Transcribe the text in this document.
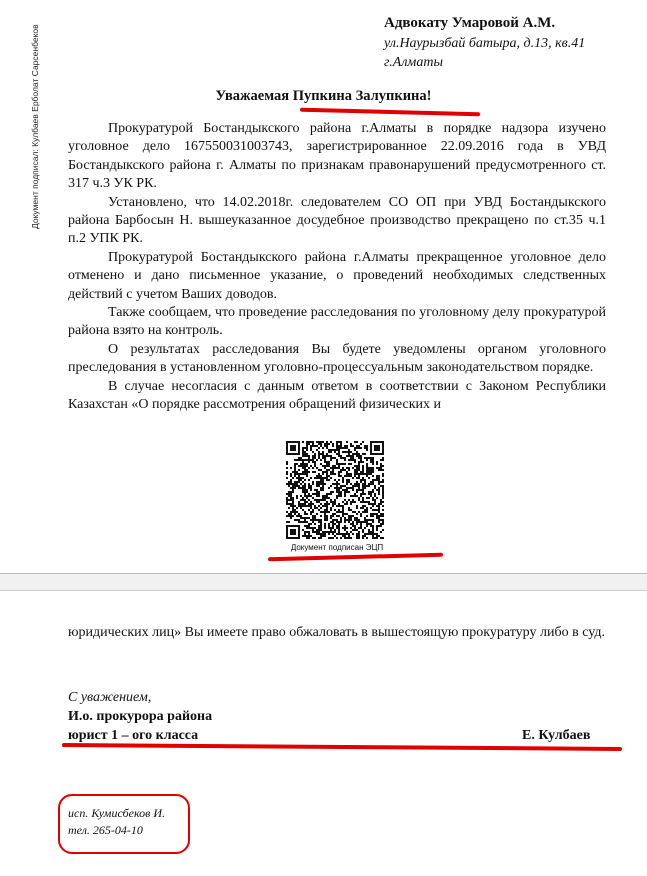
Документ подписал: Кулбаев Ерболат Сарсенбеков
Адвокату Умаровой А.М.
ул.Наурызбай батыра, д.13, кв.41
г.Алматы
Уважаемая Пупкина Залупкина!

Прокуратурой Бостандыкского района г.Алматы в порядке надзора изучено уголовное дело 167550031003743, зарегистрированное 22.09.2016 года в УВД Бостандыкского района г. Алматы по признакам правонарушений предусмотренного ст. 317 ч.3 УК РК.

Установлено, что 14.02.2018г. следователем СО ОП при УВД Бостандыкского района Барбосын Н. вышеуказанное досудебное производство прекращено по ст.35 ч.1 п.2 УПК РК.

Прокуратурой Бостандыкского района г.Алматы прекращенное уголовное дело отменено и дано письменное указание, о проведений необходимых следственных действий с учетом Ваших доводов.

Также сообщаем, что проведение расследования по уголовному делу прокуратурой района взято на контроль.

О результатах расследования Вы будете уведомлены органом уголовного преследования в установленном уголовно-процессуальным законодательством порядке.

В случае несогласия с данным ответом в соответствии с Законом Республики Казахстан «О порядке рассмотрения обращений физических и

Документ подписан ЭЦП
юридических лиц» Вы имеете право обжаловать в вышестоящую прокуратуру либо в суд.
С уважением,
И.о. прокурора района
юрист 1 – ого класса	Е. Кулбаев
исп. Кумисбеков И.
тел. 265-04-10
